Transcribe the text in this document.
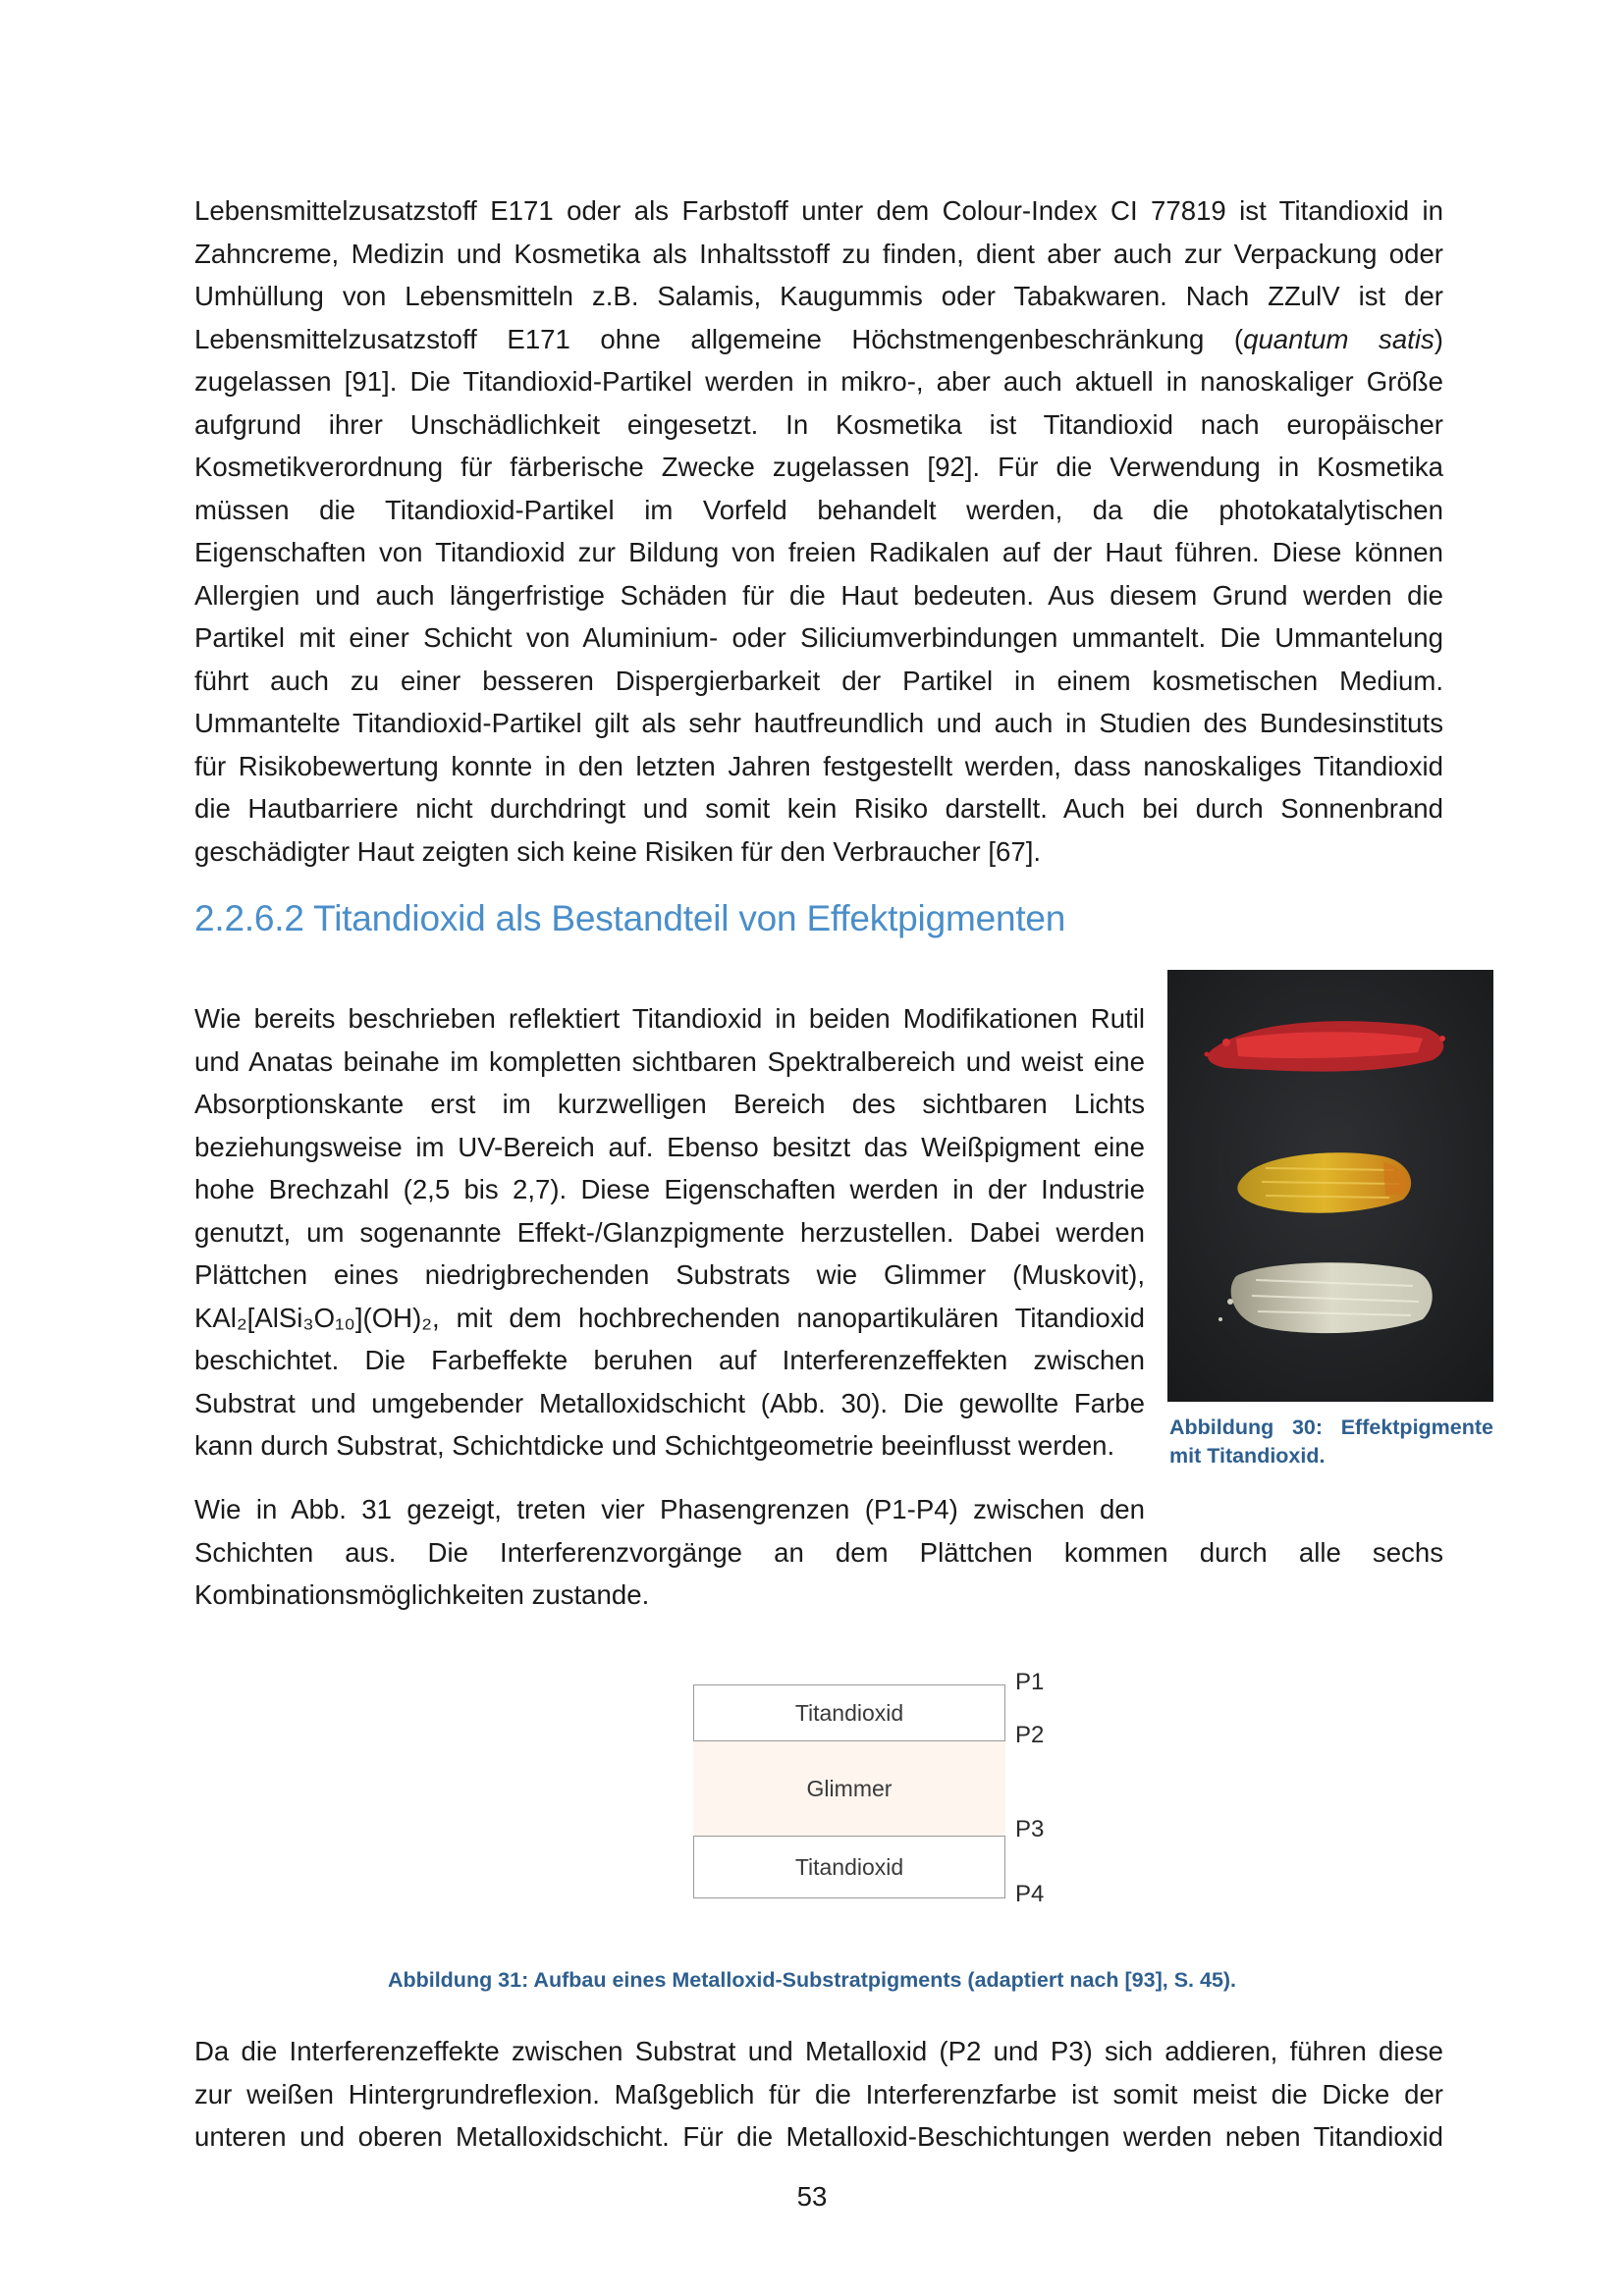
Lebensmittelzusatzstoff E171 oder als Farbstoff unter dem Colour-Index CI 77819 ist Titandioxid in
Zahncreme, Medizin und Kosmetika als Inhaltsstoff zu finden, dient aber auch zur Verpackung oder
Umhüllung von Lebensmitteln z.B. Salamis, Kaugummis oder Tabakwaren. Nach ZZulV ist der
Lebensmittelzusatzstoff E171 ohne allgemeine Höchstmengenbeschränkung (quantum satis)
zugelassen [91]. Die Titandioxid-Partikel werden in mikro-, aber auch aktuell in nanoskaliger Größe
aufgrund ihrer Unschädlichkeit eingesetzt. In Kosmetika ist Titandioxid nach europäischer
Kosmetikverordnung für färberische Zwecke zugelassen [92]. Für die Verwendung in Kosmetika
müssen die Titandioxid-Partikel im Vorfeld behandelt werden, da die photokatalytischen
Eigenschaften von Titandioxid zur Bildung von freien Radikalen auf der Haut führen. Diese können
Allergien und auch längerfristige Schäden für die Haut bedeuten. Aus diesem Grund werden die
Partikel mit einer Schicht von Aluminium- oder Siliciumverbindungen ummantelt. Die Ummantelung
führt auch zu einer besseren Dispergierbarkeit der Partikel in einem kosmetischen Medium.
Ummantelte Titandioxid-Partikel gilt als sehr hautfreundlich und auch in Studien des Bundesinstituts
für Risikobewertung konnte in den letzten Jahren festgestellt werden, dass nanoskaliges Titandioxid
die Hautbarriere nicht durchdringt und somit kein Risiko darstellt. Auch bei durch Sonnenbrand
geschädigter Haut zeigten sich keine Risiken für den Verbraucher [67].
2.2.6.2 Titandioxid als Bestandteil von Effektpigmenten
Wie bereits beschrieben reflektiert Titandioxid in beiden Modifikationen Rutil
und Anatas beinahe im kompletten sichtbaren Spektralbereich und weist eine
Absorptionskante erst im kurzwelligen Bereich des sichtbaren Lichts
beziehungsweise im UV-Bereich auf. Ebenso besitzt das Weißpigment eine
hohe Brechzahl (2,5 bis 2,7). Diese Eigenschaften werden in der Industrie
genutzt, um sogenannte Effekt-/Glanzpigmente herzustellen. Dabei werden
Plättchen eines niedrigbrechenden Substrats wie Glimmer (Muskovit),
KAl₂[AlSi₃O₁₀](OH)₂, mit dem hochbrechenden nanopartikulären Titandioxid
beschichtet. Die Farbeffekte beruhen auf Interferenzeffekten zwischen
Substrat und umgebender Metalloxidschicht (Abb. 30). Die gewollte Farbe
kann durch Substrat, Schichtdicke und Schichtgeometrie beeinflusst werden.
Abbildung 30: Effektpigmente
mit Titandioxid.
Wie in Abb. 31 gezeigt, treten vier Phasengrenzen (P1-P4) zwischen den
Schichten aus. Die Interferenzvorgänge an dem Plättchen kommen durch alle sechs
Kombinationsmöglichkeiten zustande.
Titandioxid
Glimmer
Titandioxid
P1
P2
P3
P4
Abbildung 31: Aufbau eines Metalloxid-Substratpigments (adaptiert nach [93], S. 45).
Da die Interferenzeffekte zwischen Substrat und Metalloxid (P2 und P3) sich addieren, führen diese
zur weißen Hintergrundreflexion. Maßgeblich für die Interferenzfarbe ist somit meist die Dicke der
unteren und oberen Metalloxidschicht. Für die Metalloxid-Beschichtungen werden neben Titandioxid
53
